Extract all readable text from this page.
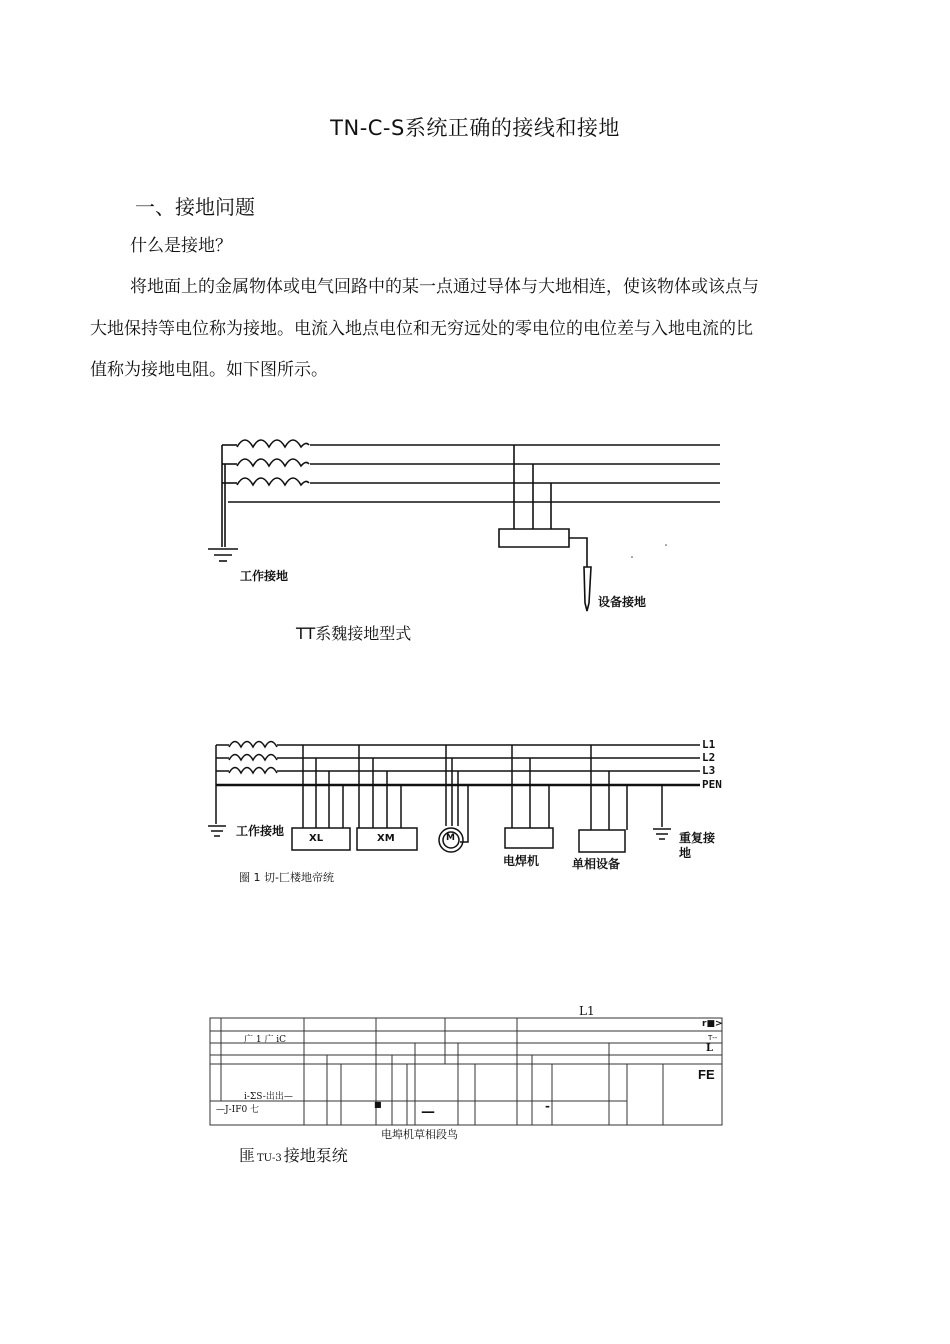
TN-C-S系统正确的接线和接地
一、接地问题
什么是接地？
将地面上的金属物体或电气回路中的某一点通过导体与大地相连，使该物体或该点与
大地保持等电位称为接地。电流入地点电位和无穷远处的零电位的电位差与入地电流的比
值称为接地电阻。如下图所示。
工作接地
设备接地
TT系魏接地型式
L1
L2
L3
PEN
工作接地
XL	XM	M
电焊机	单相设备
重复接
地
圈 1 切-匚楼地帝统
L1
r■>
T‑‑
L
FE
广 1 广 iC
i-ΣS-出出—
—J-IF0 七
■	—	-
电埠机草相段鸟
匪TU-3 接地泵统
